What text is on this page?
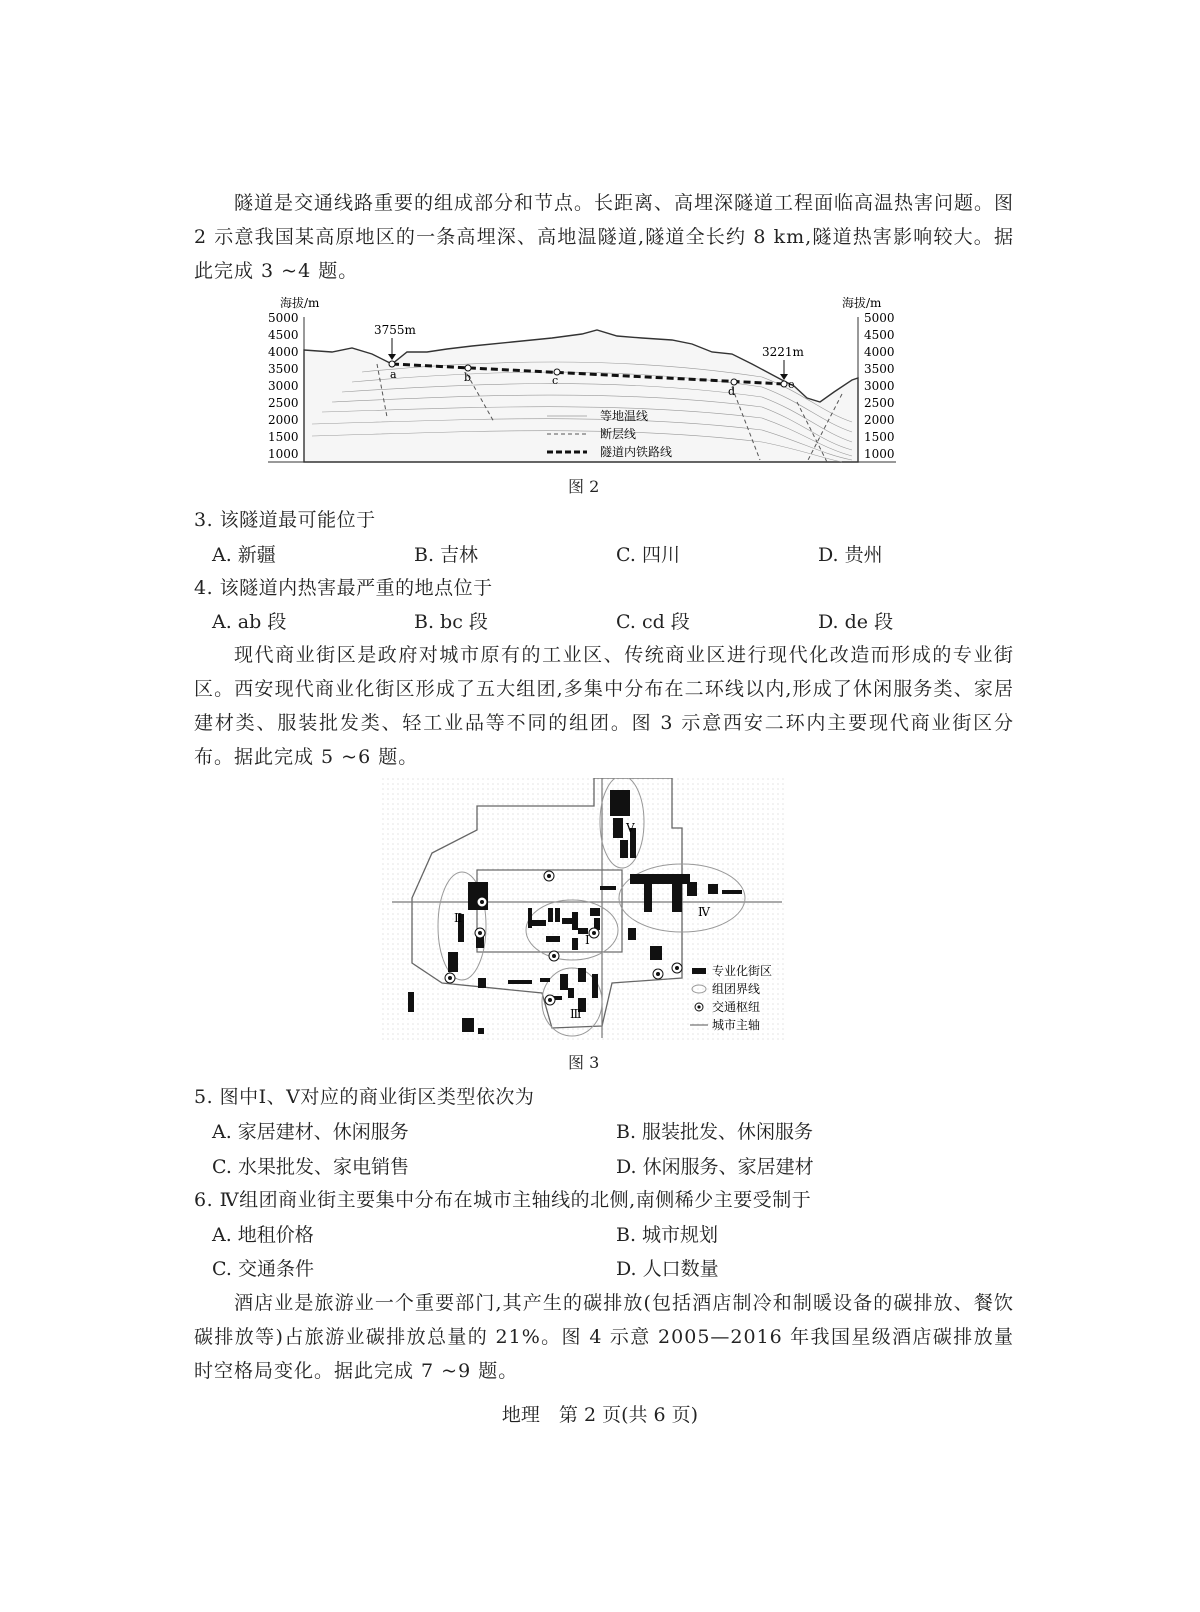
隧道是交通线路重要的组成部分和节点。长距离、高埋深隧道工程面临高温热害问题。图 2 示意我国某高原地区的一条高埋深、高地温隧道,隧道全长约 8 km,隧道热害影响较大。据此完成 3 ~4 题。

海拔/m	海拔/m
5000
4500
4000
3500
3000
2500
2000
1500
1000
5000
4500
4000
3500
3000
2500
2000
1500
1000
a	b	c
d
e
3755m
3221m
等地温线
断层线
隧道内铁路线

图 2

3. 该隧道最可能位于

A. 新疆	B. 吉林	C. 四川	D. 贵州

4. 该隧道内热害最严重的地点位于

A. ab 段	B. bc 段	C. cd 段	D. de 段

现代商业街区是政府对城市原有的工业区、传统商业区进行现代化改造而形成的专业街区。西安现代商业化街区形成了五大组团,多集中分布在二环线以内,形成了休闲服务类、家居建材类、服装批发类、轻工业品等不同的组团。图 3 示意西安二环内主要现代商业街区分布。据此完成 5 ~6 题。

Ⅰ
Ⅱ
Ⅲ
Ⅳ
Ⅴ
专业化街区
组团界线
交通枢纽
城市主轴

图 3

5. 图中Ⅰ、Ⅴ对应的商业街区类型依次为

A. 家居建材、休闲服务	B. 服装批发、休闲服务

C. 水果批发、家电销售	D. 休闲服务、家居建材

6. Ⅳ组团商业街主要集中分布在城市主轴线的北侧,南侧稀少主要受制于

A. 地租价格	B. 城市规划

C. 交通条件	D. 人口数量

酒店业是旅游业一个重要部门,其产生的碳排放(包括酒店制冷和制暖设备的碳排放、餐饮碳排放等)占旅游业碳排放总量的 21%。图 4 示意 2005—2016 年我国星级酒店碳排放量时空格局变化。据此完成 7 ~9 题。

地理　第 2 页(共 6 页)
